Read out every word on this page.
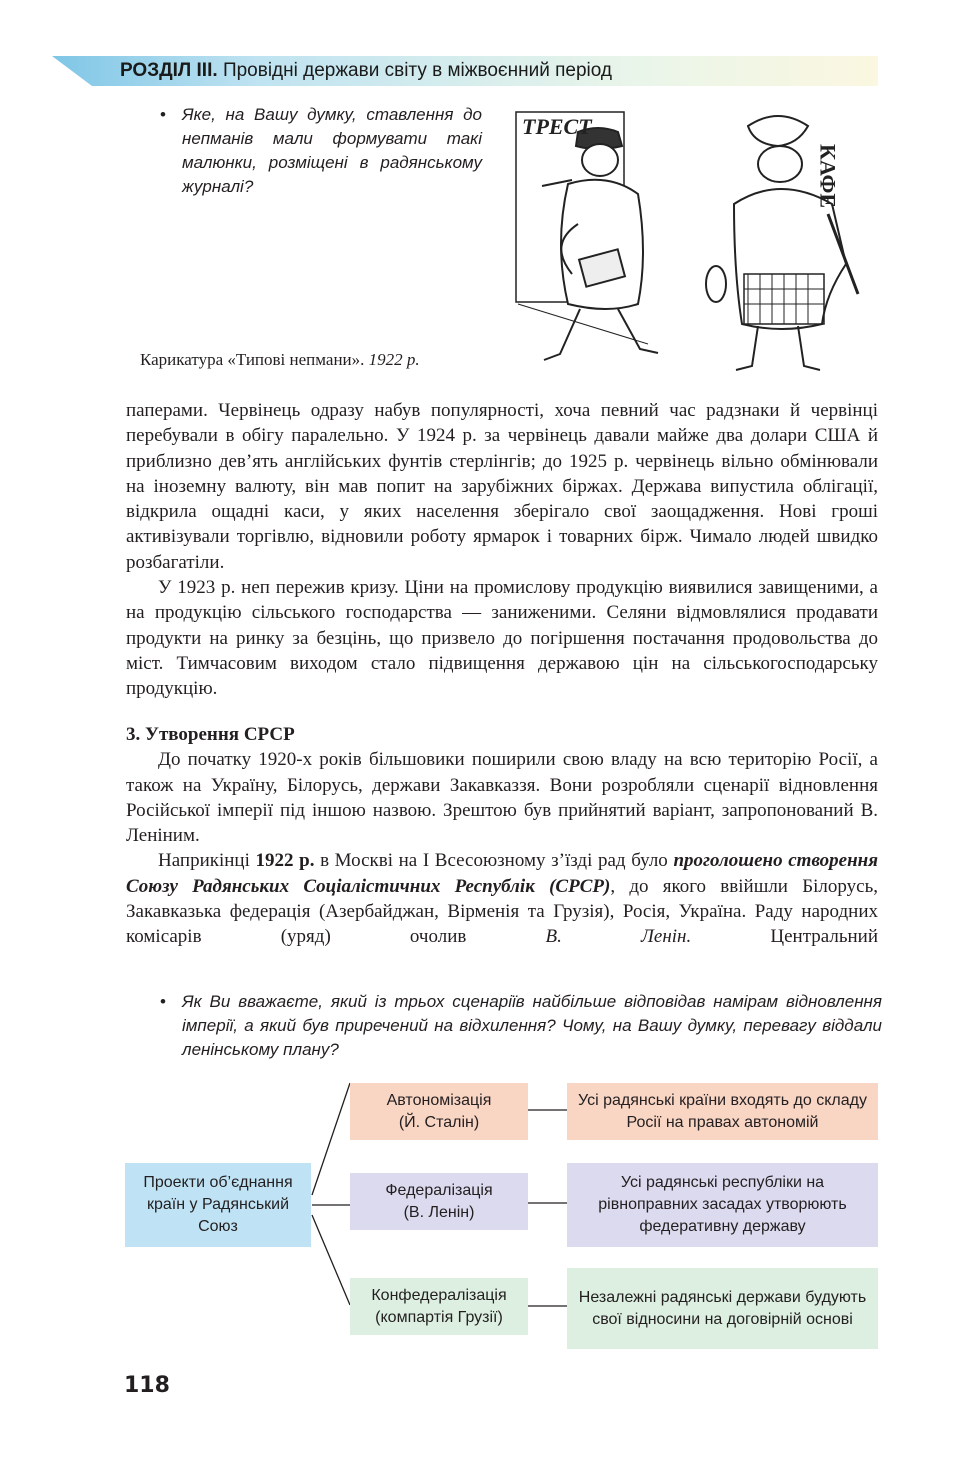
РОЗДІЛ III. Провідні держави світу в міжвоєнний період
• Яке, на Вашу думку, ставлення до непманів мали формувати такі малюнки, розміщені в радянському журналі?
ТРЕСТ
КАФЕ
Карикатура «Типові непмани». 1922 р.

паперами. Червінець одразу набув популярності, хоча певний час радзнаки й червінці перебували в обігу паралельно. У 1924 р. за червінець давали майже два долари США й приблизно дев’ять англійських фунтів стерлінгів; до 1925 р. червінець вільно обмінювали на іноземну валюту, він мав попит на зарубіжних біржах. Держава випустила облігації, відкрила ощадні каси, у яких населення зберігало свої заощадження. Нові гроші активізували торгівлю, відновили роботу ярмарок і товарних бірж. Чимало людей швидко розбагатіли.

У 1923 р. неп пережив кризу. Ціни на промислову продукцію виявилися завищеними, а на продукцію сільського господарства — заниженими. Селяни відмовлялися продавати продукти на ринку за безцінь, що призвело до погіршення постачання продовольства до міст. Тимчасовим виходом стало підвищення державою цін на сільськогосподарську продукцію.

3. Утворення СРСР

До початку 1920-х років більшовики поширили свою владу на всю територію Росії, а також на Україну, Білорусь, держави Закавказзя. Вони розробляли сценарії відновлення Російської імперії під іншою назвою. Зрештою був прийнятий варіант, запропонований В. Леніним.

Наприкінці 1922 р. в Москві на I Всесоюзному з’їзді рад було проголошено створення Союзу Радянських Соціалістичних Республік (СРСР), до якого ввійшли Білорусь, Закавказька федерація (Азербайджан, Вірменія та Грузія), Росія, Україна. Раду народних комісарів (уряд) очолив В. Ленін. Центральний

• Як Ви вважаєте, який із трьох сценаріїв найбільше відповідав намірам відновлення імперії, а який був приречений на відхилення? Чому, на Вашу думку, перевагу віддали ленінському плану?
Проекти об’єднання країн у Радянський Союз
Автономізація
(Й. Сталін)
Федералізація
(В. Ленін)
Конфедералізація
(компартія Грузії)
Усі радянські країни входять до складу Росії на правах автономій
Усі радянські республіки на рівноправних засадах утворюють федеративну державу
Незалежні радянські держави будують свої відносини на договірній основі
118
